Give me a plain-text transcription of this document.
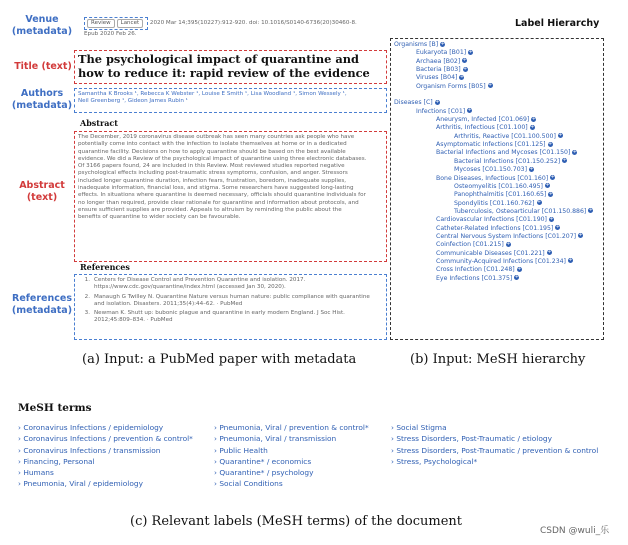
Venue
(metadata)
Title (text)
Authors
(metadata)
Abstract
(text)
References
(metadata)
Review Lancet 2020 Mar 14;395(10227):912-920. doi: 10.1016/S0140-6736(20)30460-8.
Epub 2020 Feb 26.
The psychological impact of quarantine and how to reduce it: rapid review of the evidence
Samantha K Brooks ¹, Rebecca K Webster ¹, Louise E Smith ¹, Lisa Woodland ¹, Simon Wessely ¹,
Neil Greenberg ¹, Gideon James Rubin ¹
Abstract
The December, 2019 coronavirus disease outbreak has seen many countries ask people who have
potentially come into contact with the infection to isolate themselves at home or in a dedicated
quarantine facility. Decisions on how to apply quarantine should be based on the best available
evidence. We did a Review of the psychological impact of quarantine using three electronic databases.
Of 3166 papers found, 24 are included in this Review. Most reviewed studies reported negative
psychological effects including post-traumatic stress symptoms, confusion, and anger. Stressors
included longer quarantine duration, infection fears, frustration, boredom, inadequate supplies,
inadequate information, financial loss, and stigma. Some researchers have suggested long-lasting
effects. In situations where quarantine is deemed necessary, officials should quarantine individuals for
no longer than required, provide clear rationale for quarantine and information about protocols, and
ensure sufficient supplies are provided. Appeals to altruism by reminding the public about the
benefits of quarantine to wider society can be favourable.
References
1. Centers for Disease Control and Prevention Quarantine and isolation. 2017.
https://www.cdc.gov/quarantine/index.html (accessed Jan 30, 2020).
2. Manaugh G Twilley N. Quarantine Nature versus human nature: public compliance with quarantine
and isolation. Disasters. 2011;35(4):44–62. · PubMed
3. Newman K. Shutt up: bubonic plague and quarantine in early modern England. J Soc Hist.
2012;45:809–834. · PubMed
(a) Input: a PubMed paper with metadata
Label Hierarchy
Organisms [B] +
Eukaryota [B01] +
Archaea [B02] +
Bacteria [B03] +
Viruses [B04] +
Organism Forms [B05] +
Diseases [C] +
Infections [C01] +
Aneurysm, Infected [C01.069] +
Arthritis, Infectious [C01.100] +
Arthritis, Reactive [C01.100.500] +
Asymptomatic Infections [C01.125] +
Bacterial Infections and Mycoses [C01.150] +
Bacterial Infections [C01.150.252] +
Mycoses [C01.150.703] +
Bone Diseases, Infectious [C01.160] +
Osteomyelitis [C01.160.495] +
Panophthalmitis [C01.160.65] +
Spondylitis [C01.160.762] +
Tuberculosis, Osteoarticular [C01.150.886] +
Cardiovascular Infections [C01.190] +
Catheter-Related Infections [C01.195] +
Central Nervous System Infections [C01.207] +
Coinfection [C01.215] +
Communicable Diseases [C01.221] +
Community-Acquired Infections [C01.234] +
Cross Infection [C01.248] +
Eye Infections [C01.375] +
(b) Input: MeSH hierarchy
MeSH terms
› Coronavirus Infections / epidemiology
› Coronavirus Infections / prevention & control*
› Coronavirus Infections / transmission
› Financing, Personal
› Humans
› Pneumonia, Viral / epidemiology
› Pneumonia, Viral / prevention & control*
› Pneumonia, Viral / transmission
› Public Health
› Quarantine* / economics
› Quarantine* / psychology
› Social Conditions
› Social Stigma
› Stress Disorders, Post-Traumatic / etiology
› Stress Disorders, Post-Traumatic / prevention & control
› Stress, Psychological*
(c) Relevant labels (MeSH terms) of the document
CSDN @wuli_乐
